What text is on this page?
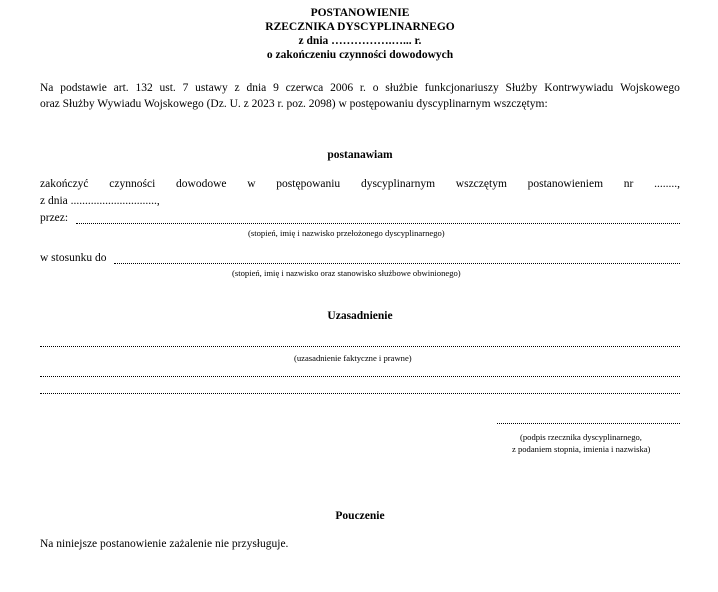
POSTANOWIENIE
RZECZNIKA DYSCYPLINARNEGO
z dnia …………….…... r.
o zakończeniu czynności dowodowych
Na podstawie art. 132 ust. 7 ustawy z dnia 9 czerwca 2006 r. o służbie funkcjonariuszy Służby Kontrwywiadu Wojskowego
oraz Służby Wywiadu Wojskowego (Dz. U. z 2023 r. poz. 2098) w postępowaniu dyscyplinarnym wszczętym:
postanawiam
zakończyć czynności dowodowe w postępowaniu dyscyplinarnym wszczętym postanowieniem nr ........,
z dnia ..............................,
przez:
(stopień, imię i nazwisko przełożonego dyscyplinarnego)
w stosunku do
(stopień, imię i nazwisko oraz stanowisko służbowe obwinionego)
Uzasadnienie
(uzasadnienie faktyczne i prawne)
(podpis rzecznika dyscyplinarnego,
z podaniem stopnia, imienia i nazwiska)
Pouczenie
Na niniejsze postanowienie zażalenie nie przysługuje.
